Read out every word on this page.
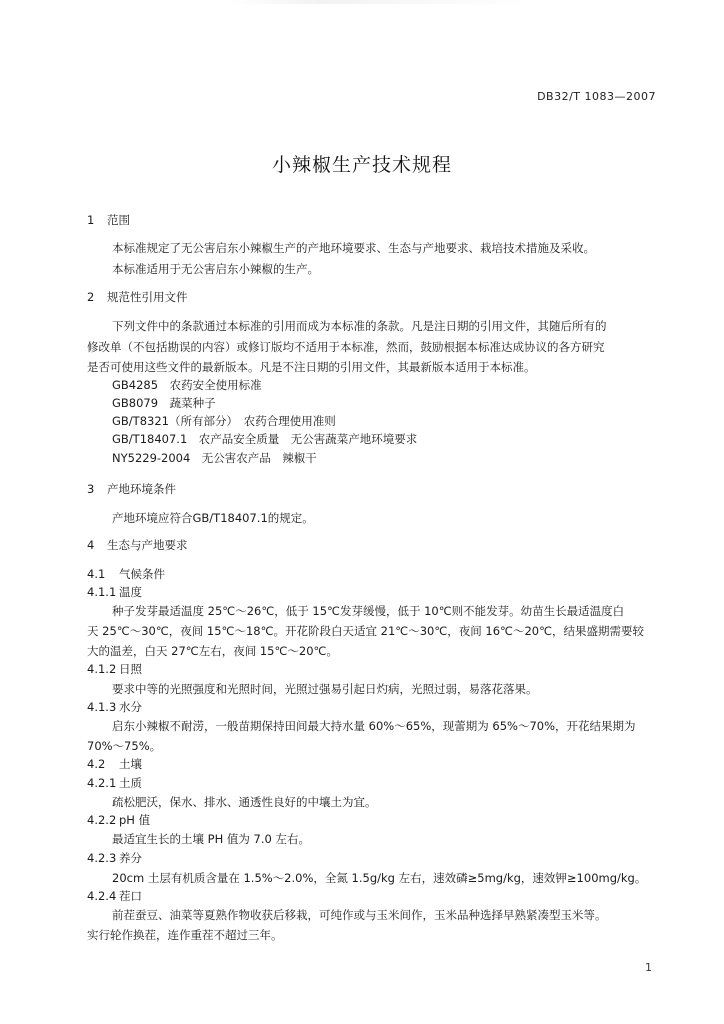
DB32/T 1083—2007
小辣椒生产技术规程
1 范围
本标准规定了无公害启东小辣椒生产的产地环境要求、生态与产地要求、栽培技术措施及采收。
本标准适用于无公害启东小辣椒的生产。
2 规范性引用文件
下列文件中的条款通过本标准的引用而成为本标准的条款。凡是注日期的引用文件，其随后所有的
修改单（不包括勘误的内容）或修订版均不适用于本标准，然而，鼓励根据本标准达成协议的各方研究
是否可使用这些文件的最新版本。凡是不注日期的引用文件，其最新版本适用于本标准。
GB4285　农药安全使用标准
GB8079　蔬菜种子
GB/T8321（所有部分）　农药合理使用准则
GB/T18407.1　农产品安全质量　无公害蔬菜产地环境要求
NY5229-2004　无公害农产品　辣椒干
3 产地环境条件
产地环境应符合GB/T18407.1的规定。
4 生态与产地要求
4.1 气候条件
4.1.1 温度
种子发芽最适温度 25℃～26℃，低于 15℃发芽缓慢，低于 10℃则不能发芽。幼苗生长最适温度白
天 25℃～30℃，夜间 15℃～18℃。开花阶段白天适宜 21℃～30℃，夜间 16℃～20℃，结果盛期需要较
大的温差，白天 27℃左右，夜间 15℃～20℃。
4.1.2 日照
要求中等的光照强度和光照时间，光照过强易引起日灼病，光照过弱，易落花落果。
4.1.3 水分
启东小辣椒不耐涝，一般苗期保持田间最大持水量 60%～65%，现蕾期为 65%～70%，开花结果期为
70%～75%。
4.2 土壤
4.2.1 土质
疏松肥沃，保水、排水、通透性良好的中壤土为宜。
4.2.2 pH 值
最适宜生长的土壤 PH 值为 7.0 左右。
4.2.3 养分
20cm 土层有机质含量在 1.5%～2.0%，全氮 1.5g/kg 左右，速效磷≥5mg/kg，速效钾≥100mg/kg。
4.2.4 茬口
前茬蚕豆、油菜等夏熟作物收获后移栽，可纯作或与玉米间作，玉米品种选择早熟紧凑型玉米等。
实行轮作换茬，连作重茬不超过三年。
1
